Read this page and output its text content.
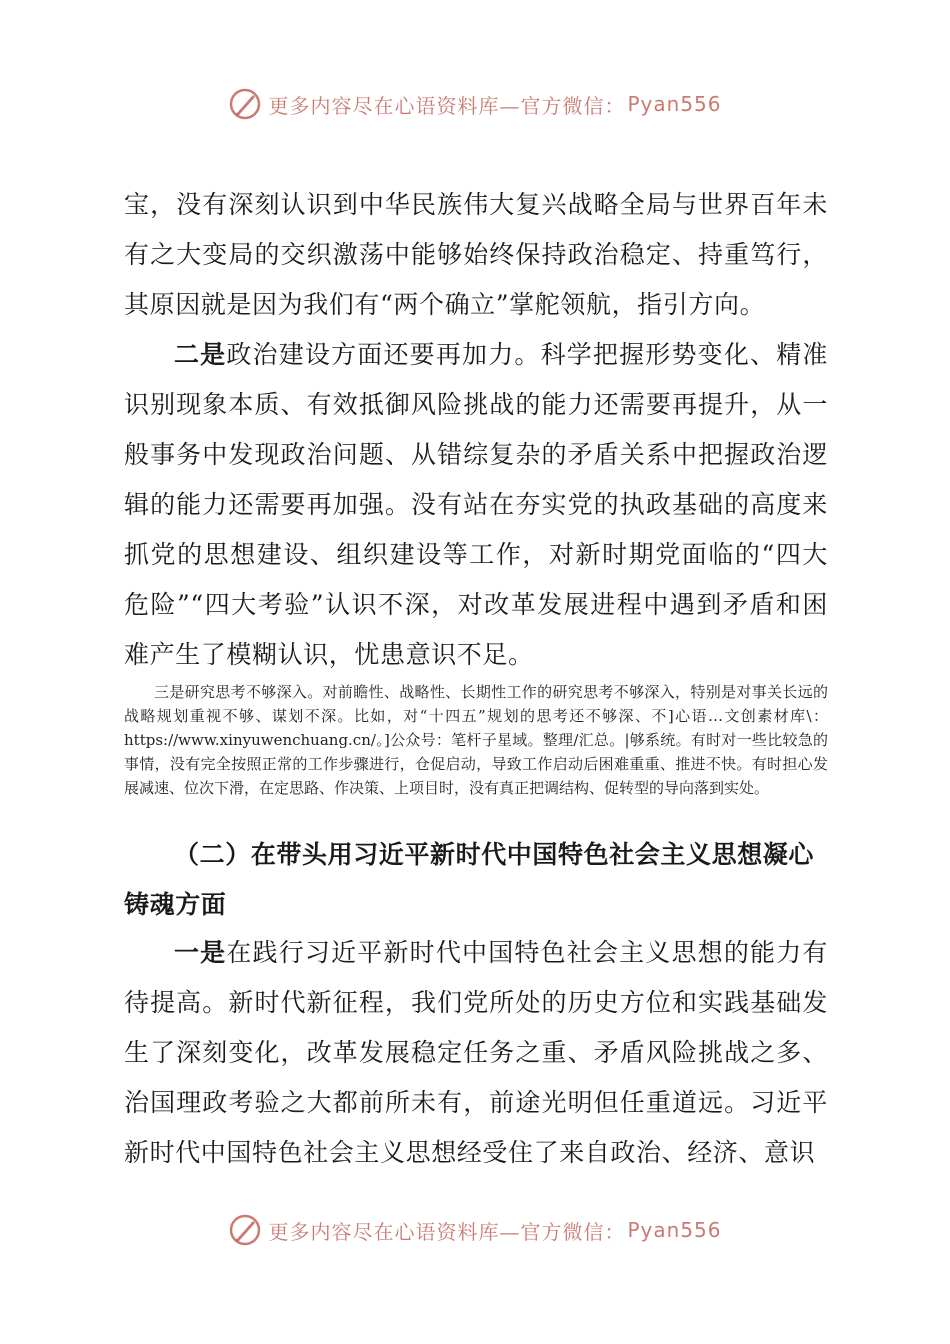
更多内容尽在心语资料库—官方微信： Pyan556

宝，没有深刻认识到中华民族伟大复兴战略全局与世界百年未有之大变局的交织激荡中能够始终保持政治稳定、持重笃行，其原因就是因为我们有“两个确立”掌舵领航，指引方向。

二是政治建设方面还要再加力。科学把握形势变化、精准识别现象本质、有效抵御风险挑战的能力还需要再提升，从一般事务中发现政治问题、从错综复杂的矛盾关系中把握政治逻辑的能力还需要再加强。没有站在夯实党的执政基础的高度来抓党的思想建设、组织建设等工作，对新时期党面临的“四大危险”“四大考验”认识不深，对改革发展进程中遇到矛盾和困难产生了模糊认识，忧患意识不足。

三是研究思考不够深入。对前瞻性、战略性、长期性工作的研究思考不够深入，特别是对事关长远的战略规划重视不够、谋划不深。比如，对“十四五”规划的思考还不够深、不]心语…文创素材库\：https://www.xinyuwenchuang.cn/。]公众号：笔杆子星域。整理/汇总。|够系统。有时对一些比较急的事情，没有完全按照正常的工作步骤进行，仓促启动，导致工作启动后困难重重、推进不快。有时担心发展减速、位次下滑，在定思路、作决策、上项目时，没有真正把调结构、促转型的导向落到实处。

（二）在带头用习近平新时代中国特色社会主义思想凝心铸魂方面

一是在践行习近平新时代中国特色社会主义思想的能力有待提高。新时代新征程，我们党所处的历史方位和实践基础发生了深刻变化，改革发展稳定任务之重、矛盾风险挑战之多、治国理政考验之大都前所未有，前途光明但任重道远。习近平新时代中国特色社会主义思想经受住了来自政治、经济、意识

更多内容尽在心语资料库—官方微信： Pyan556
